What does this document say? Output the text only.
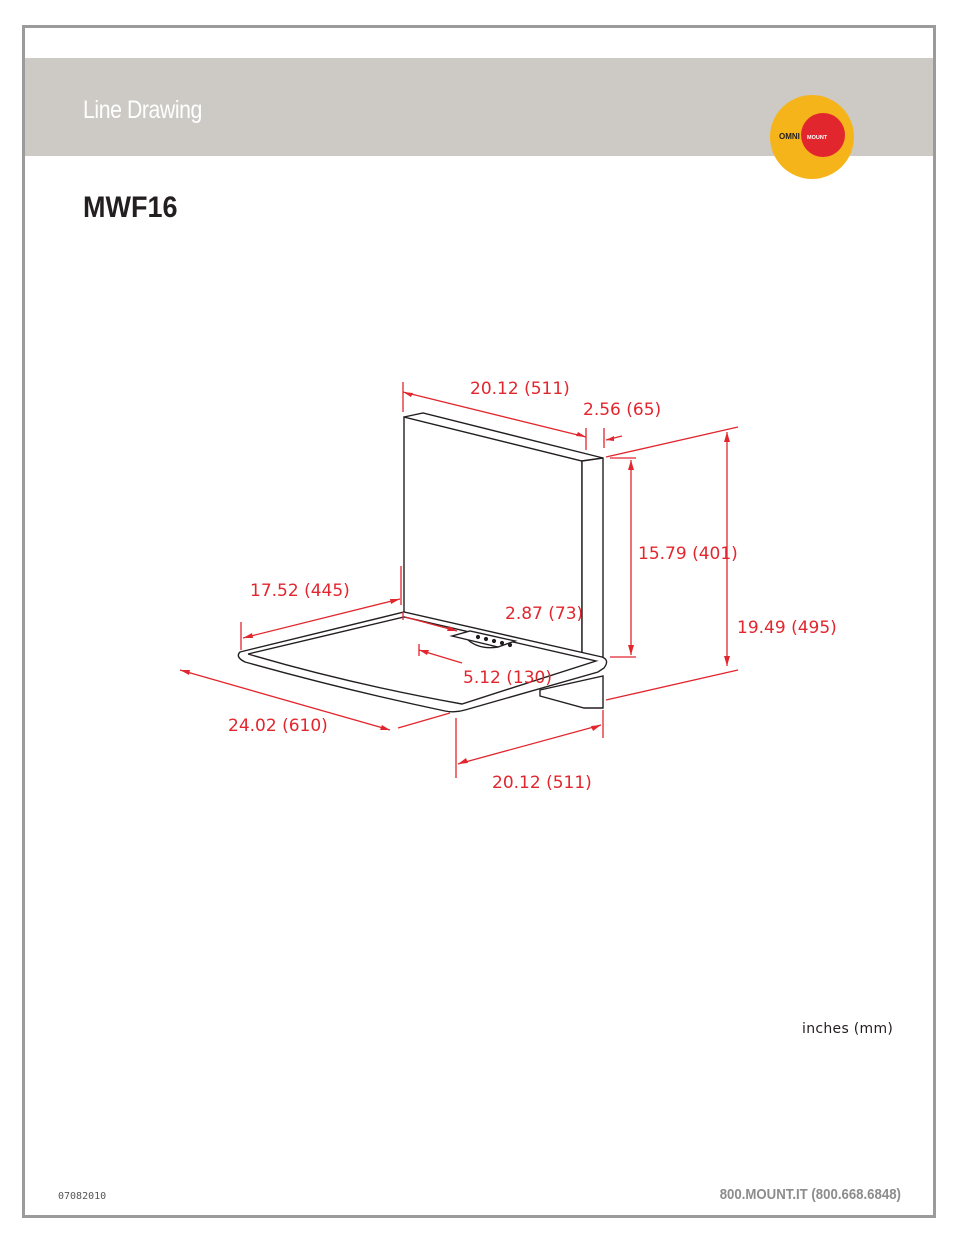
Line Drawing
OMNI MOUNT
MWF16
inches (mm)
07082010	800.MOUNT.IT (800.668.6848)
20.12 (511)
2.56 (65)
15.79 (401)
19.49 (495)
17.52 (445)
2.87 (73)
5.12 (130)
24.02 (610)
20.12 (511)
